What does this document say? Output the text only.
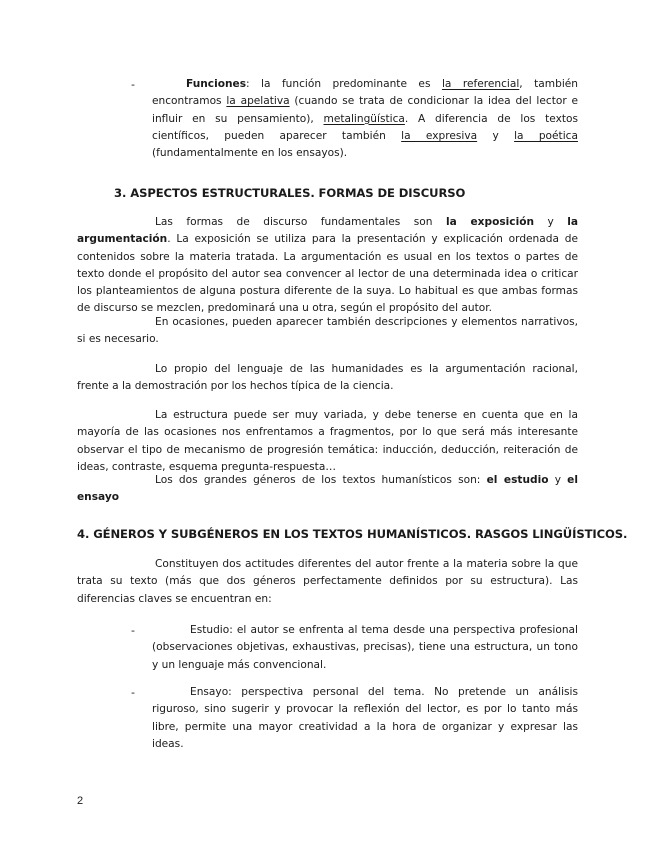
-	Funciones: la función predominante es la referencial, también encontramos la apelativa (cuando se trata de condicionar la idea del lector e influir en su pensamiento), metalingüística. A diferencia de los textos científicos, pueden aparecer también la expresiva y la poética (fundamentalmente en los ensayos).
3. ASPECTOS ESTRUCTURALES. FORMAS DE DISCURSO
Las formas de discurso fundamentales son la exposición y la argumentación. La exposición se utiliza para la presentación y explicación ordenada de contenidos sobre la materia tratada. La argumentación es usual en los textos o partes de texto donde el propósito del autor sea convencer al lector de una determinada idea o criticar los planteamientos de alguna postura diferente de la suya. Lo habitual es que ambas formas de discurso se mezclen, predominará una u otra, según el propósito del autor.
En ocasiones, pueden aparecer también descripciones y elementos narrativos, si es necesario.
Lo propio del lenguaje de las humanidades es la argumentación racional, frente a la demostración por los hechos típica de la ciencia.
La estructura puede ser muy variada, y debe tenerse en cuenta que en la mayoría de las ocasiones nos enfrentamos a fragmentos, por lo que será más interesante observar el tipo de mecanismo de progresión temática: inducción, deducción, reiteración de ideas, contraste, esquema pregunta-respuesta…
Los dos grandes géneros de los textos humanísticos son: el estudio y el ensayo
4. GÉNEROS Y SUBGÉNEROS EN LOS TEXTOS HUMANÍSTICOS. RASGOS LINGÜÍSTICOS.
Constituyen dos actitudes diferentes del autor frente a la materia sobre la que trata su texto (más que dos géneros perfectamente definidos por su estructura). Las diferencias claves se encuentran en:
-	Estudio: el autor se enfrenta al tema desde una perspectiva profesional (observaciones objetivas, exhaustivas, precisas), tiene una estructura, un tono y un lenguaje más convencional.
-	Ensayo: perspectiva personal del tema. No pretende un análisis riguroso, sino sugerir y provocar la reflexión del lector, es por lo tanto más libre, permite una mayor creatividad a la hora de organizar y expresar las ideas.
2
